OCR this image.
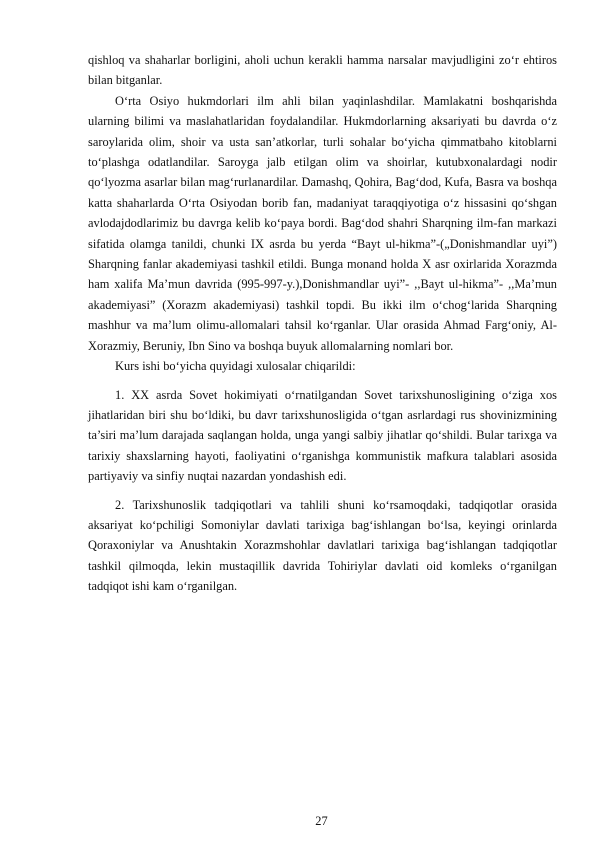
qishloq va shaharlar borligini, aholi uchun kerakli hamma narsalar mavjudligini zo‘r ehtiros bilan bitganlar.

O‘rta Osiyo hukmdorlari ilm ahli bilan yaqinlashdilar. Mamlakatni boshqarishda ularning bilimi va maslahatlaridan foydalandilar. Hukmdorlarning aksariyati bu davrda o‘z saroylarida olim, shoir va usta san’atkorlar, turli sohalar bo‘yicha qimmatbaho kitoblarni to‘plashga odatlandilar. Saroyga jalb etilgan olim va shoirlar, kutubxonalardagi nodir qo‘lyozma asarlar bilan mag‘rurlanardilar. Damashq, Qohira, Bag‘dod, Kufa, Basra va boshqa katta shaharlarda O‘rta Osiyodan borib fan, madaniyat taraqqiyotiga o‘z hissasini qo‘shgan avlodajdodlarimiz bu davrga kelib ko‘paya bordi. Bag‘dod shahri Sharqning ilm-fan markazi sifatida olamga tanildi, chunki IX asrda bu yerda “Bayt ul-hikma”-(„Donishmandlar uyi”) Sharqning fanlar akademiyasi tashkil etildi. Bunga monand holda X asr oxirlarida Xorazmda ham xalifa Ma’mun davrida (995-997-y.),Donishmandlar uyi”- ,,Bayt ul-hikma”- ,,Ma’mun akademiyasi” (Xorazm akademiyasi) tashkil topdi. Bu ikki ilm o‘chog‘larida Sharqning mashhur va ma’lum olimu-allomalari tahsil ko‘rganlar. Ular orasida Ahmad Farg‘oniy, Al-Xorazmiy, Beruniy, Ibn Sino va boshqa buyuk allomalarning nomlari bor.

Kurs ishi bo‘yicha quyidagi xulosalar chiqarildi:

1. XX asrda Sovet hokimiyati o‘rnatilgandan Sovet tarixshunosligining o‘ziga xos jihatlaridan biri shu bo‘ldiki, bu davr tarixshunosligida o‘tgan asrlardagi rus shovinizmining ta’siri ma’lum darajada saqlangan holda, unga yangi salbiy jihatlar qo‘shildi. Bular tarixga va tarixiy shaxslarning hayoti, faoliyatini o‘rganishga kommunistik mafkura talablari asosida partiyaviy va sinfiy nuqtai nazardan yondashish edi.

2. Tarixshunoslik tadqiqotlari va tahlili shuni ko‘rsamoqdaki, tadqiqotlar orasida aksariyat ko‘pchiligi Somoniylar davlati tarixiga bag‘ishlangan bo‘lsa, keyingi orinlarda Qoraxoniylar va Anushtakin Xorazmshohlar davlatlari tarixiga bag‘ishlangan tadqiqotlar tashkil qilmoqda, lekin mustaqillik davrida Tohiriylar davlati oid komleks o‘rganilgan tadqiqot ishi kam o‘rganilgan.

27
